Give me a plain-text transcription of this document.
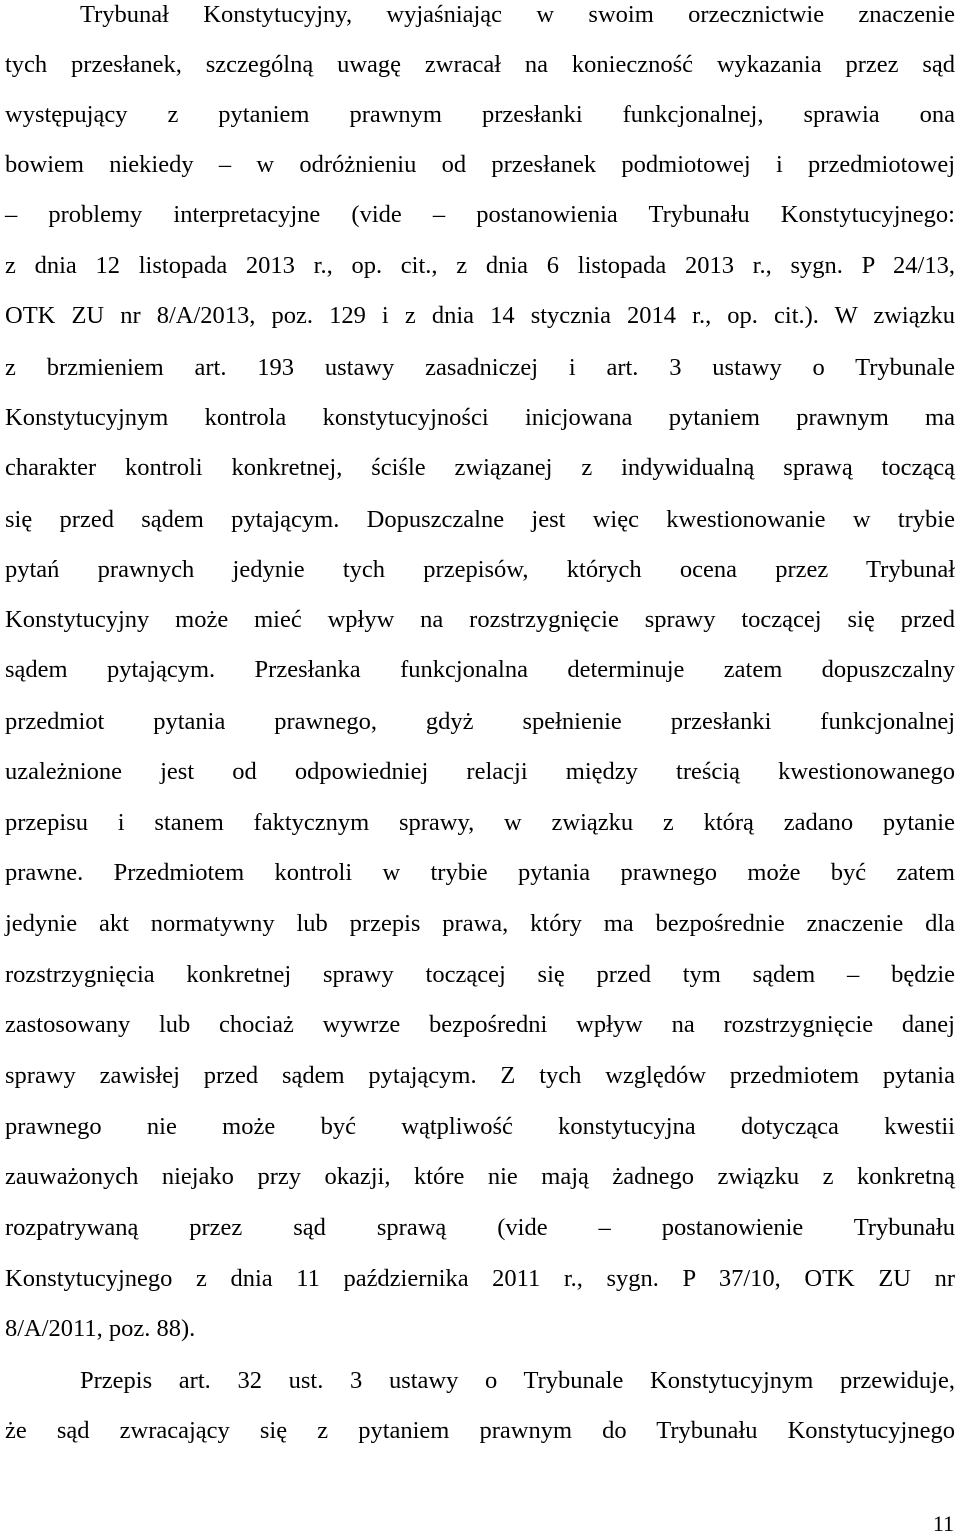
Trybunał Konstytucyjny, wyjaśniając w swoim orzecznictwie znaczenie
tych przesłanek, szczególną uwagę zwracał na konieczność wykazania przez sąd
występujący z pytaniem prawnym przesłanki funkcjonalnej, sprawia ona
bowiem niekiedy – w odróżnieniu od przesłanek podmiotowej i przedmiotowej
– problemy interpretacyjne (vide – postanowienia Trybunału Konstytucyjnego:
z dnia 12 listopada 2013 r., op. cit., z dnia 6 listopada 2013 r., sygn. P 24/13,
OTK ZU nr 8/A/2013, poz. 129 i z dnia 14 stycznia 2014 r., op. cit.). W związku
z brzmieniem art. 193 ustawy zasadniczej i art. 3 ustawy o Trybunale
Konstytucyjnym kontrola konstytucyjności inicjowana pytaniem prawnym ma
charakter kontroli konkretnej, ściśle związanej z indywidualną sprawą toczącą
się przed sądem pytającym. Dopuszczalne jest więc kwestionowanie w trybie
pytań prawnych jedynie tych przepisów, których ocena przez Trybunał
Konstytucyjny może mieć wpływ na rozstrzygnięcie sprawy toczącej się przed
sądem pytającym. Przesłanka funkcjonalna determinuje zatem dopuszczalny
przedmiot pytania prawnego, gdyż spełnienie przesłanki funkcjonalnej
uzależnione jest od odpowiedniej relacji między treścią kwestionowanego
przepisu i stanem faktycznym sprawy, w związku z którą zadano pytanie
prawne. Przedmiotem kontroli w trybie pytania prawnego może być zatem
jedynie akt normatywny lub przepis prawa, który ma bezpośrednie znaczenie dla
rozstrzygnięcia konkretnej sprawy toczącej się przed tym sądem – będzie
zastosowany lub chociaż wywrze bezpośredni wpływ na rozstrzygnięcie danej
sprawy zawisłej przed sądem pytającym. Z tych względów przedmiotem pytania
prawnego nie może być wątpliwość konstytucyjna dotycząca kwestii
zauważonych niejako przy okazji, które nie mają żadnego związku z konkretną
rozpatrywaną przez sąd sprawą (vide – postanowienie Trybunału
Konstytucyjnego z dnia 11 października 2011 r., sygn. P 37/10, OTK ZU nr
8/A/2011, poz. 88).
Przepis art. 32 ust. 3 ustawy o Trybunale Konstytucyjnym przewiduje,
że sąd zwracający się z pytaniem prawnym do Trybunału Konstytucyjnego
11
